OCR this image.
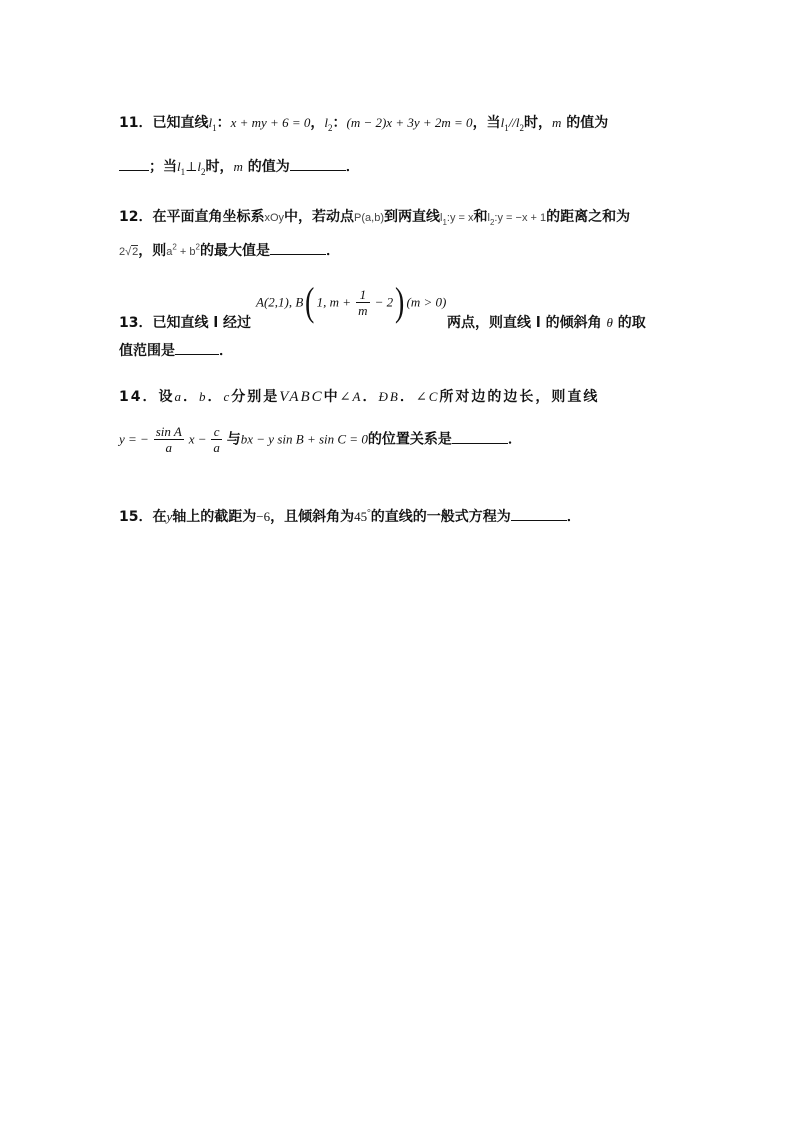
11．已知直线$l_1$：x + my + 6 = 0，$l_2$：(m − 2)x + 3y + 2m = 0，当$l_1//l_2$时，m 的值为
；当$l_1\perp l_2$时，m 的值为	．
12．在平面直角坐标系xOy中，若动点P(a,b)到两直线$l_1:y = x$和$l_2:y = -x + 1$的距离之和为
2√2，则$a^2 + b^2$的最大值是	．
A(2,1), B( 1, $m + \frac{1}{m} - 2$) (m > 0)
13．已知直线 l 经过	两点，则直线 l 的倾斜角 θ 的取
值范围是	．
14．设a．b．c分别是VABC中∠A．ÐB．∠C所对边的边长，则直线
y = − $\frac{\text{sin A}}{a}$ $x - \frac{c}{a}$ 与bx − y sin B + sin C = 0的位置关系是	．
15．在y轴上的截距为−6，且倾斜角为45°的直线的一般式方程为	．
